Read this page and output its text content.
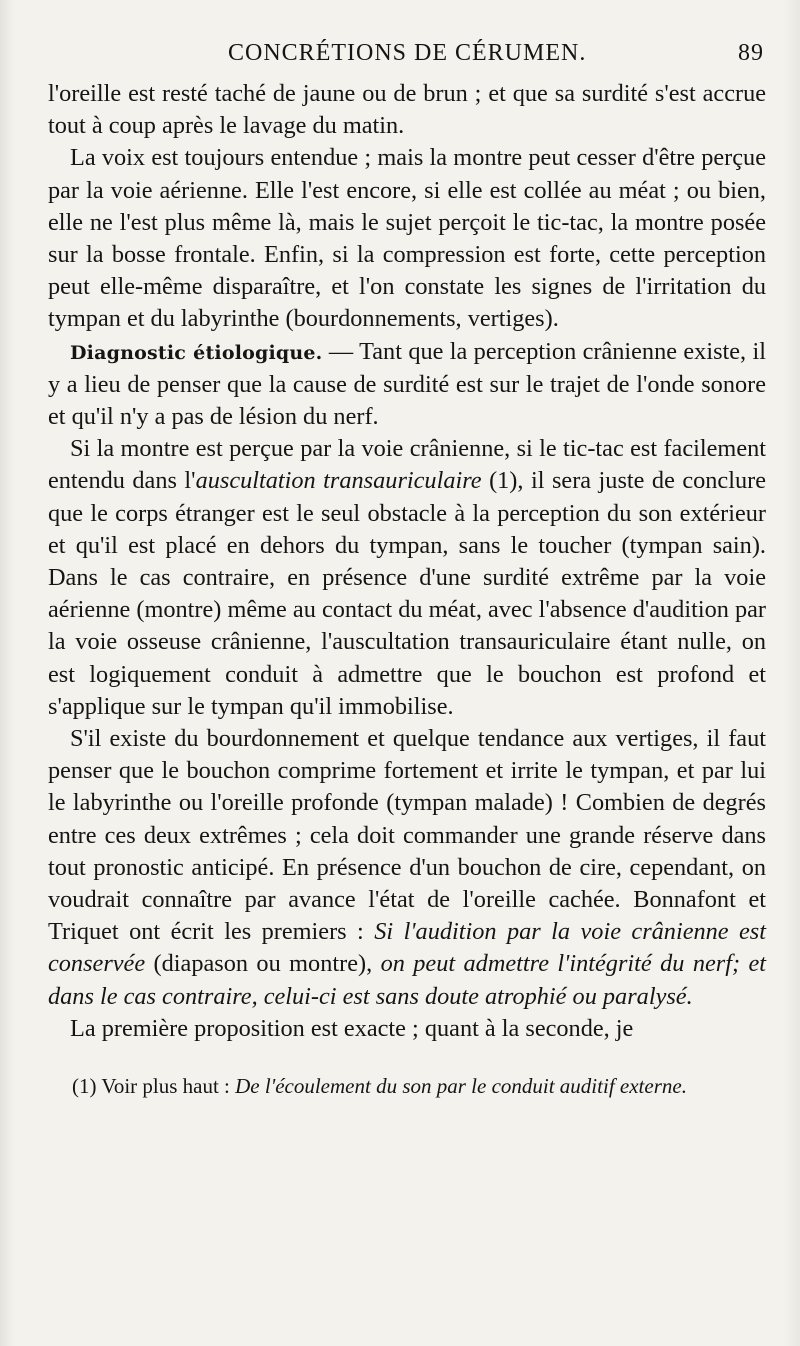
CONCRÉTIONS DE CÉRUMEN.	89

l'oreille est resté taché de jaune ou de brun ; et que sa surdité s'est accrue tout à coup après le lavage du matin.

La voix est toujours entendue ; mais la montre peut cesser d'être perçue par la voie aérienne. Elle l'est encore, si elle est collée au méat ; ou bien, elle ne l'est plus même là, mais le sujet perçoit le tic-tac, la montre posée sur la bosse frontale. Enfin, si la compression est forte, cette perception peut elle-même disparaître, et l'on constate les signes de l'irritation du tympan et du labyrinthe (bourdonnements, vertiges).

Diagnostic étiologique. — Tant que la perception crânienne existe, il y a lieu de penser que la cause de surdité est sur le trajet de l'onde sonore et qu'il n'y a pas de lésion du nerf.

Si la montre est perçue par la voie crânienne, si le tic-tac est facilement entendu dans l'auscultation transauriculaire (1), il sera juste de conclure que le corps étranger est le seul obstacle à la perception du son extérieur et qu'il est placé en dehors du tympan, sans le toucher (tympan sain). Dans le cas contraire, en présence d'une surdité extrême par la voie aérienne (montre) même au contact du méat, avec l'absence d'audition par la voie osseuse crânienne, l'auscultation transauriculaire étant nulle, on est logiquement conduit à admettre que le bouchon est profond et s'applique sur le tympan qu'il immobilise.

S'il existe du bourdonnement et quelque tendance aux vertiges, il faut penser que le bouchon comprime fortement et irrite le tympan, et par lui le labyrinthe ou l'oreille profonde (tympan malade) ! Combien de degrés entre ces deux extrêmes ; cela doit commander une grande réserve dans tout pronostic anticipé. En présence d'un bouchon de cire, cependant, on voudrait connaître par avance l'état de l'oreille cachée. Bonnafont et Triquet ont écrit les premiers : Si l'audition par la voie crânienne est conservée (diapason ou montre), on peut admettre l'intégrité du nerf; et dans le cas contraire, celui-ci est sans doute atrophié ou paralysé.

La première proposition est exacte ; quant à la seconde, je

(1) Voir plus haut : De l'écoulement du son par le conduit auditif externe.
